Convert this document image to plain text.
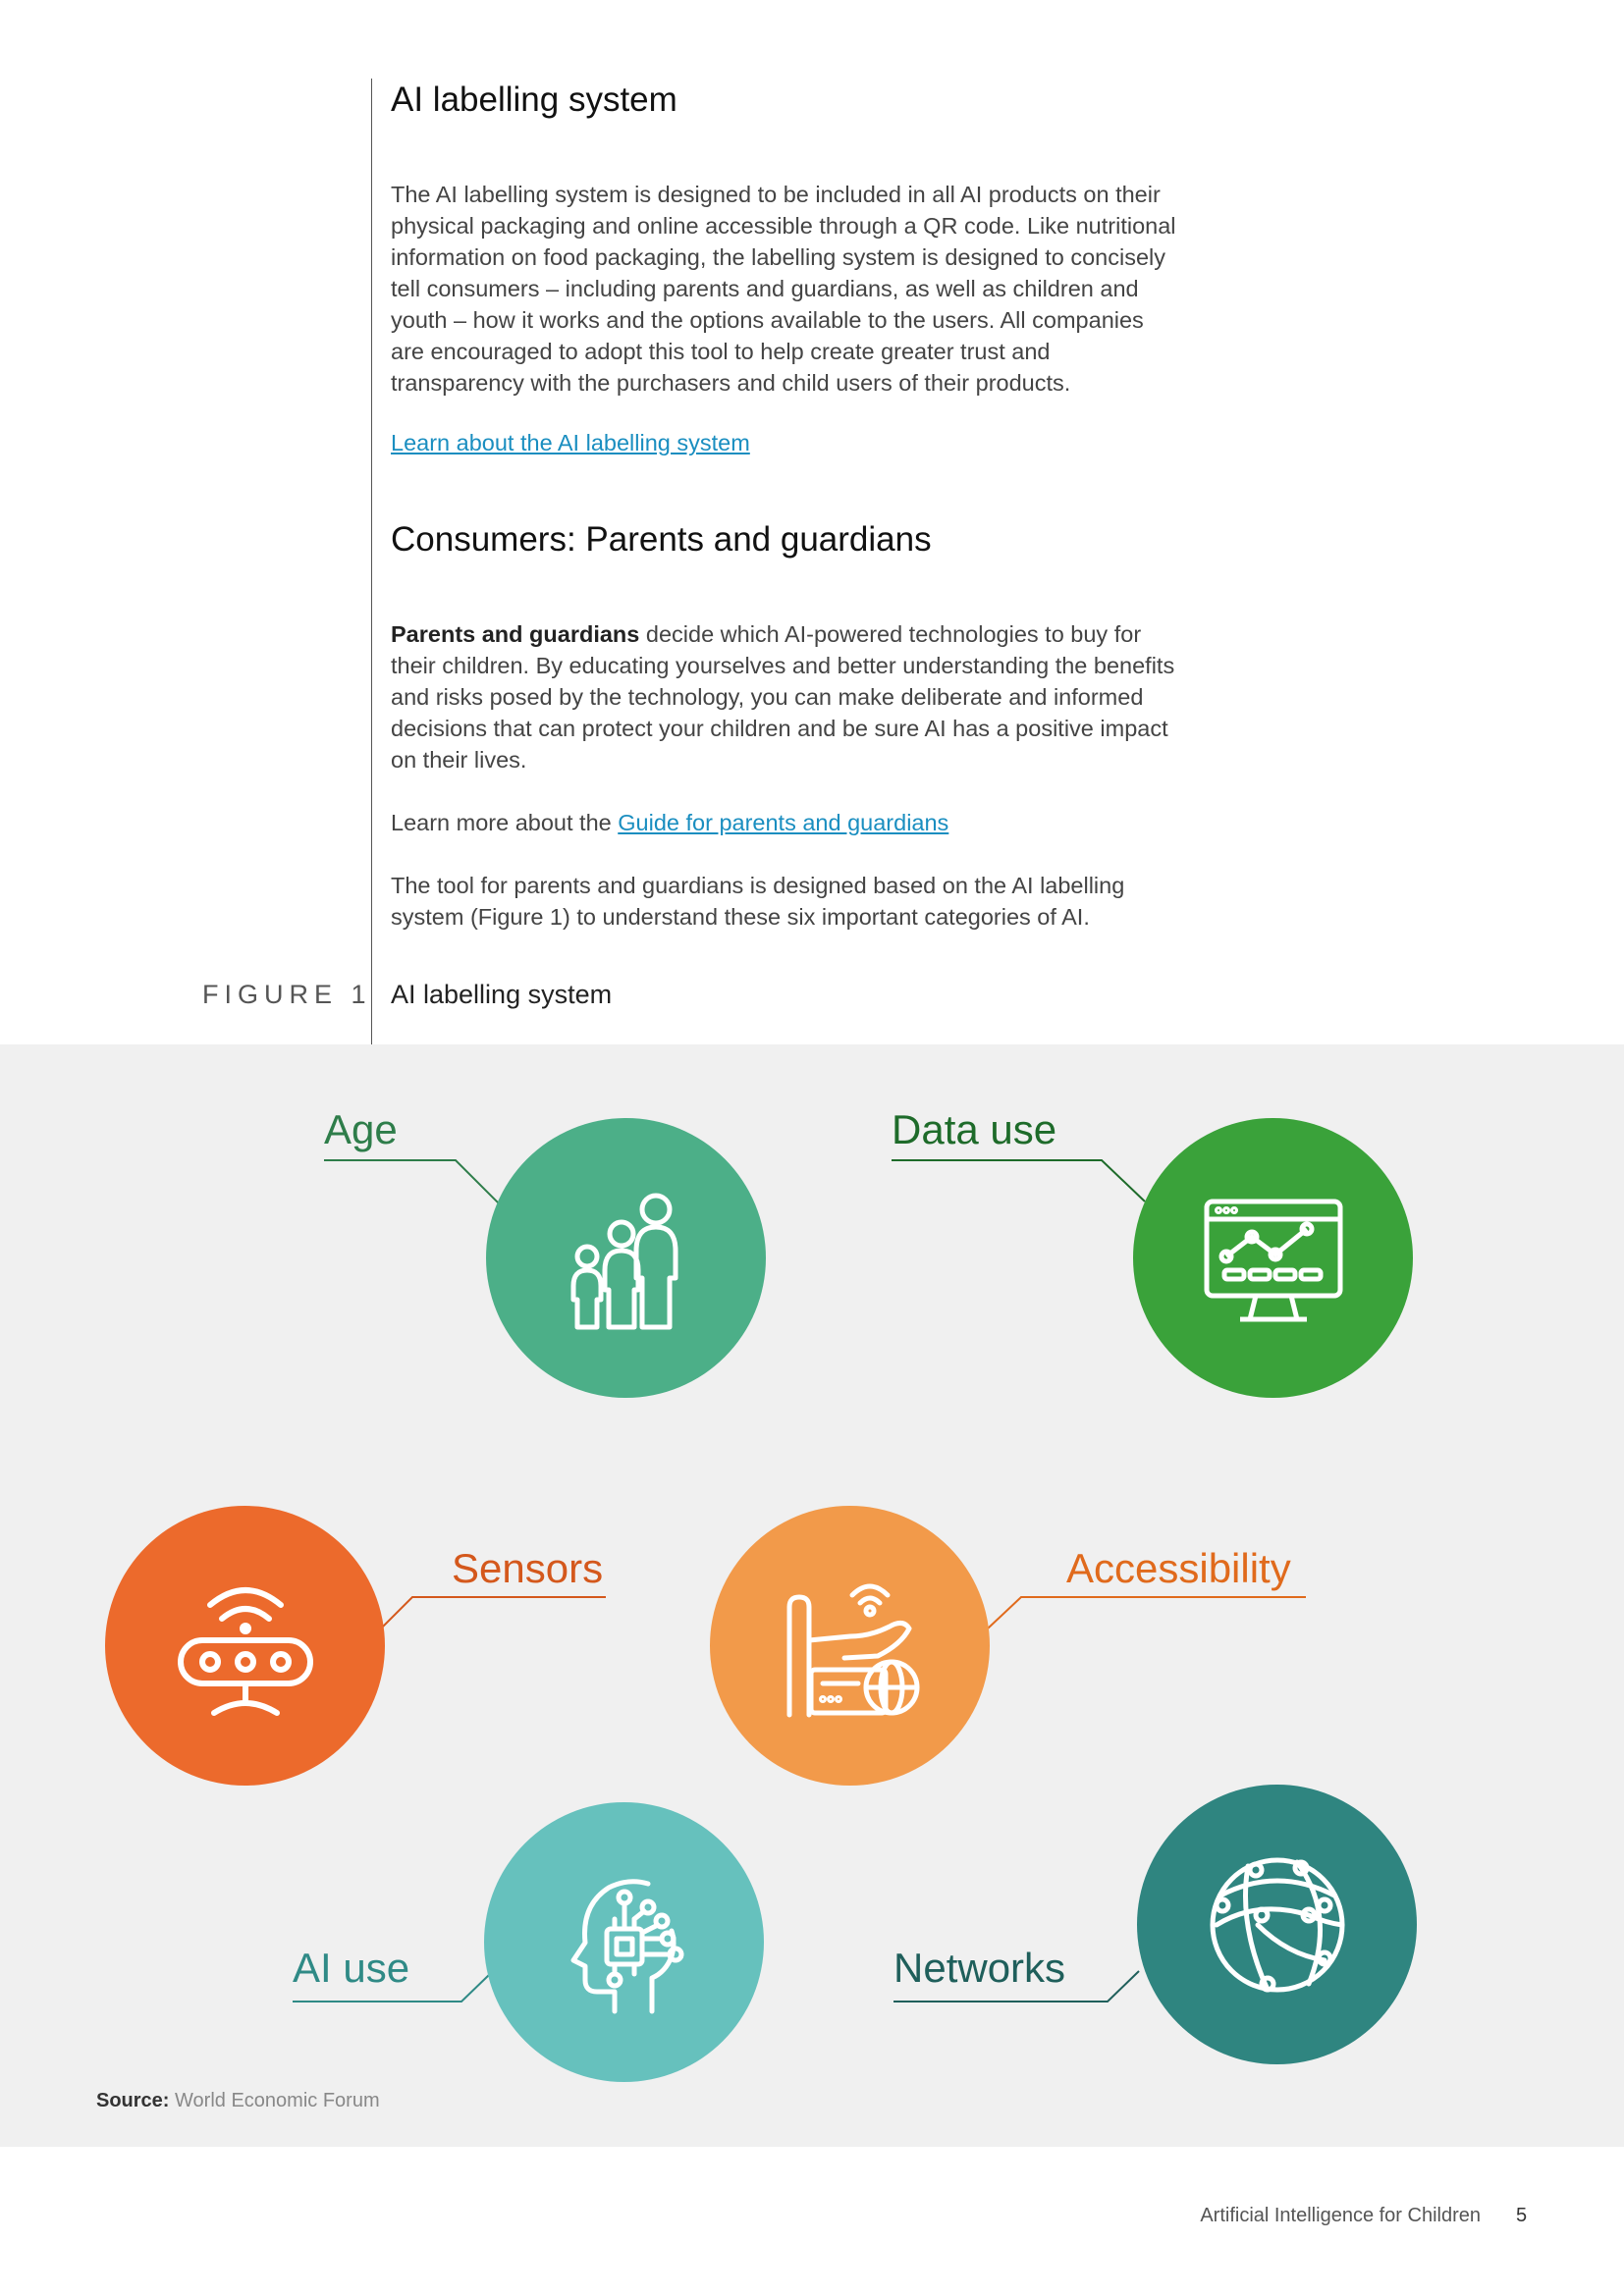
AI labelling system

The AI labelling system is designed to be included in all AI products on their physical packaging and online accessible through a QR code. Like nutritional information on food packaging, the labelling system is designed to concisely tell consumers – including parents and guardians, as well as children and youth – how it works and the options available to the users. All companies are encouraged to adopt this tool to help create greater trust and transparency with the purchasers and child users of their products.

Learn about the AI labelling system

Consumers: Parents and guardians

Parents and guardians decide which AI-powered technologies to buy for their children. By educating yourselves and better understanding the benefits and risks posed by the technology, you can make deliberate and informed decisions that can protect your children and be sure AI has a positive impact on their lives.

Learn more about the Guide for parents and guardians

The tool for parents and guardians is designed based on the AI labelling system (Figure 1) to understand these six important categories of AI.

FIGURE 1 AI labelling system
Age	Data use
Sensors	Accessibility
AI use	Networks
Source: World Economic Forum
Artificial Intelligence for Children 5
